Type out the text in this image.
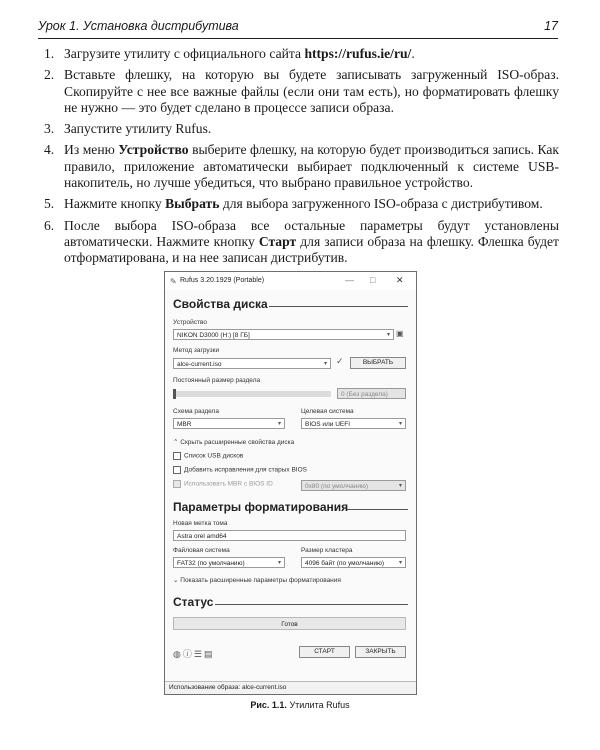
Урок 1. Установка дистрибутива	17
1. Загрузите утилиту с официального сайта https://rufus.ie/ru/.
2. Вставьте флешку, на которую вы будете записывать загруженный ISO-образ. Скопируйте с нее все важные файлы (если они там есть), но форматировать флешку не нужно — это будет сделано в процессе записи образа.
3. Запустите утилиту Rufus.
4. Из меню Устройство выберите флешку, на которую будет производиться запись. Как правило, приложение автоматически выбирает подключенный к системе USB-накопитель, но лучше убедиться, что выбрано правильное устройство.
5. Нажмите кнопку Выбрать для выбора загруженного ISO-образа с дистрибутивом.
6. После выбора ISO-образа все остальные параметры будут установлены автоматически. Нажмите кнопку Старт для записи образа на флешку. Флешка будет отформатирована, и на нее записан дистрибутив.
✎ Rufus 3.20.1929 (Portable)	— □ ✕
Свойства диска
Устройство
NIKON D3000 (H:) [8 ГБ]	▾ ▣
Метод загрузки
alce-current.iso	▾ ✓	ВЫБРАТЬ
Постоянный размер раздела
0 (Без раздела)
Схема раздела
MBR	▾
Целевая система
BIOS или UEFI	▾
⌃ Скрыть расширенные свойства диска
Список USB дисков
Добавить исправления для старых BIOS
Использовать MBR с BIOS ID	0x80 (по умолчанию)	▾
Параметры форматирования
Новая метка тома
Astra orel amd64
Файловая система
FAT32 (по умолчанию)	▾
Размер кластера
4096 байт (по умолчанию) ▾
⌄ Показать расширенные параметры форматирования
Статус
Готов
◍ⓘ☰▤	СТАРТ	ЗАКРЫТЬ
Использование образа: alce-current.iso
Рис. 1.1. Утилита Rufus
